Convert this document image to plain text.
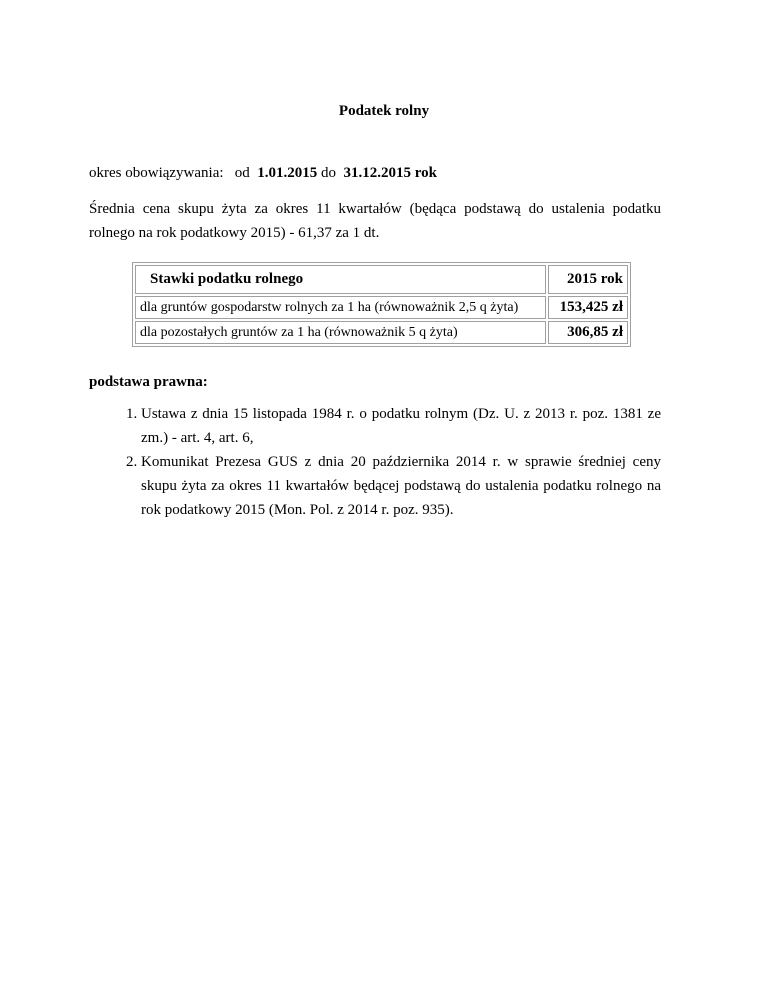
Podatek rolny
okres obowiązywania: od 1.01.2015 do 31.12.2015 rok
Średnia cena skupu żyta za okres 11 kwartałów (będąca podstawą do ustalenia podatku rolnego na rok podatkowy 2015) - 61,37 za 1 dt.
Stawki podatku rolnego	2015 rok
dla gruntów gospodarstw rolnych za 1 ha (równoważnik 2,5 q żyta)	153,425 zł
dla pozostałych gruntów za 1 ha (równoważnik 5 q żyta)	306,85 zł
podstawa prawna:
1. Ustawa z dnia 15 listopada 1984 r. o podatku rolnym (Dz. U. z 2013 r. poz. 1381 ze zm.) - art. 4, art. 6,
2. Komunikat Prezesa GUS z dnia 20 października 2014 r. w sprawie średniej ceny skupu żyta za okres 11 kwartałów będącej podstawą do ustalenia podatku rolnego na rok podatkowy 2015 (Mon. Pol. z 2014 r. poz. 935).
